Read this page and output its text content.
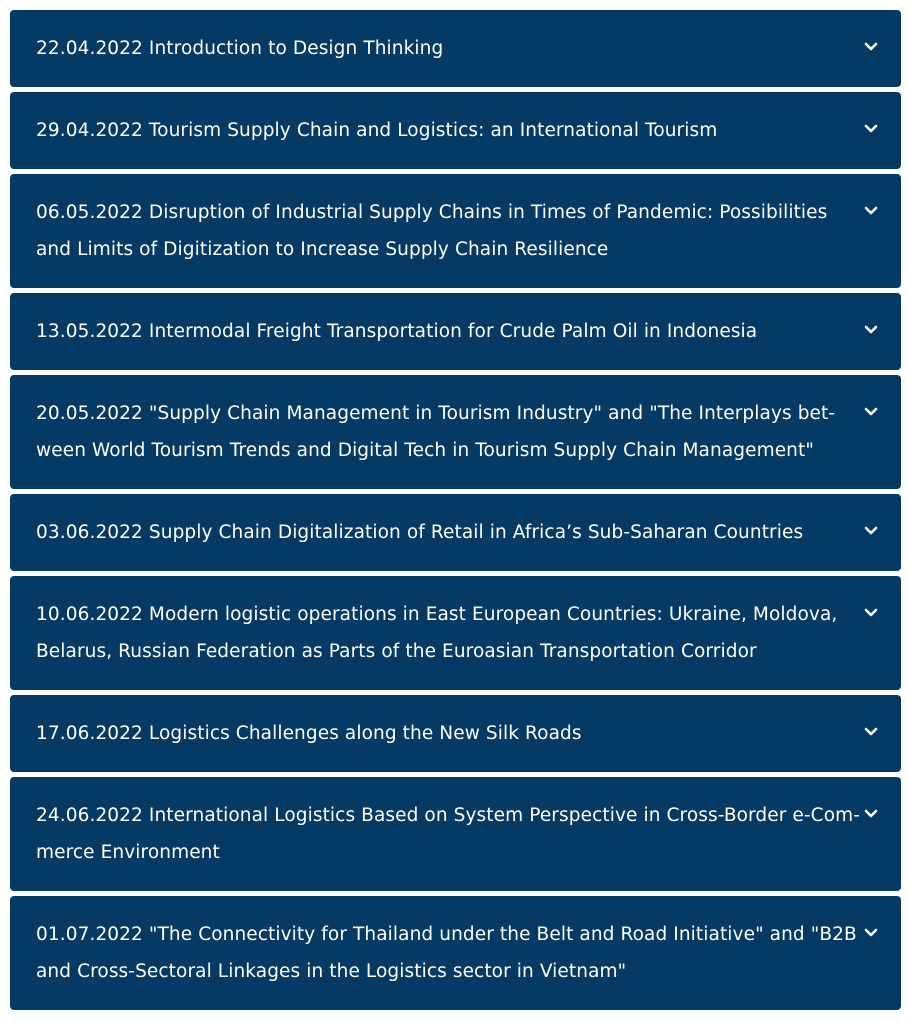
22.04.2022 Introduction to Design Thinking
29.04.2022 Tourism Supply Chain and Logistics: an International Tourism
06.05.2022 Disruption of Industrial Supply Chains in Times of Pandemic: Possibilities and Limits of Digitization to Increase Supply Chain Resilience
13.05.2022 Intermodal Freight Transportation for Crude Palm Oil in Indonesia
20.05.2022 "Supply Chain Management in Tourism Industry" and "The Interplays between World Tourism Trends and Digital Tech in Tourism Supply Chain Management"
03.06.2022 Supply Chain Digitalization of Retail in Africa’s Sub-Saharan Countries
10.06.2022 Modern logistic operations in East European Countries: Ukraine, Moldova, Belarus, Russian Federation as Parts of the Euroasian Transportation Corridor
17.06.2022 Logistics Challenges along the New Silk Roads
24.06.2022 International Logistics Based on System Perspective in Cross-Border e-Commerce Environment
01.07.2022 "The Connectivity for Thailand under the Belt and Road Initiative" and "B2B and Cross-Sectoral Linkages in the Logistics sector in Vietnam"
